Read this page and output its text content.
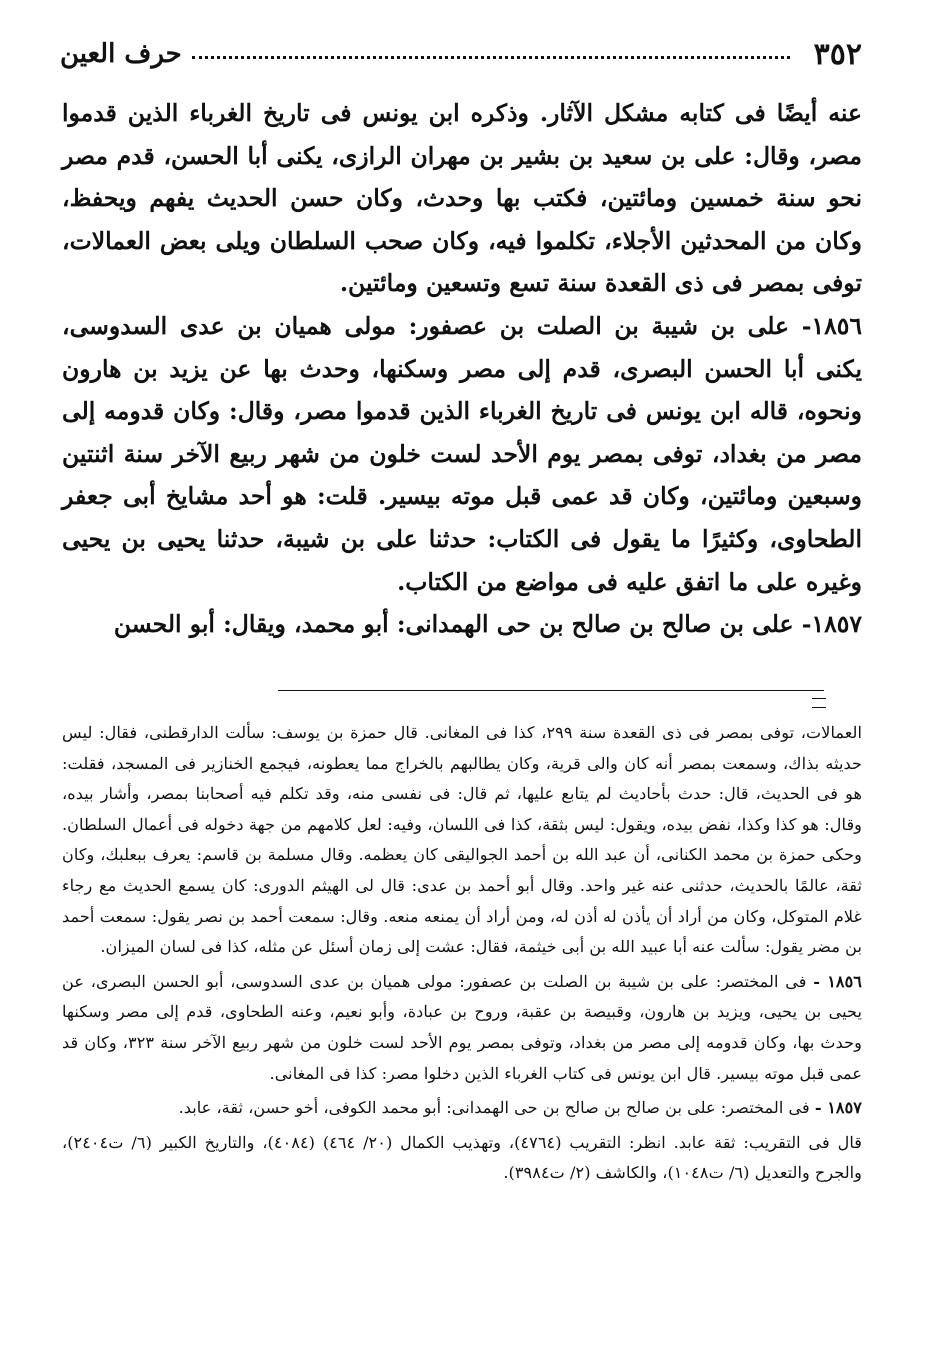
٣٥٢
حرف العين

عنه أيضًا فى كتابه مشكل الآثار. وذكره ابن يونس فى تاريخ الغرباء الذين قدموا مصر، وقال: على بن سعيد بن بشير بن مهران الرازى، يكنى أبا الحسن، قدم مصر نحو سنة خمسين ومائتين، فكتب بها وحدث، وكان حسن الحديث يفهم ويحفظ، وكان من المحدثين الأجلاء، تكلموا فيه، وكان صحب السلطان ويلى بعض العمالات، توفى بمصر فى ذى القعدة سنة تسع وتسعين ومائتين.

١٨٥٦- على بن شيبة بن الصلت بن عصفور: مولى هميان بن عدى السدوسى، يكنى أبا الحسن البصرى، قدم إلى مصر وسكنها، وحدث بها عن يزيد بن هارون ونحوه، قاله ابن يونس فى تاريخ الغرباء الذين قدموا مصر، وقال: وكان قدومه إلى مصر من بغداد، توفى بمصر يوم الأحد لست خلون من شهر ربيع الآخر سنة اثنتين وسبعين ومائتين، وكان قد عمى قبل موته بيسير. قلت: هو أحد مشايخ أبى جعفر الطحاوى، وكثيرًا ما يقول فى الكتاب: حدثنا على بن شيبة، حدثنا يحيى بن يحيى وغيره على ما اتفق عليه فى مواضع من الكتاب.

١٨٥٧- على بن صالح بن صالح بن حى الهمدانى: أبو محمد، ويقال: أبو الحسن

العمالات، توفى بمصر فى ذى القعدة سنة ٢٩٩، كذا فى المغانى. قال حمزة بن يوسف: سألت الدارقطنى، فقال: ليس حديثه بذاك، وسمعت بمصر أنه كان والى قرية، وكان يطالبهم بالخراج مما يعطونه، فيجمع الخنازير فى المسجد، فقلت: هو فى الحديث، قال: حدث بأحاديث لم يتابع عليها، ثم قال: فى نفسى منه، وقد تكلم فيه أصحابنا بمصر، وأشار بيده، وقال: هو كذا وكذا، نفض بيده، ويقول: ليس بثقة، كذا فى اللسان، وفيه: لعل كلامهم من جهة دخوله فى أعمال السلطان. وحكى حمزة بن محمد الكنانى، أن عبد الله بن أحمد الجواليقى كان يعظمه. وقال مسلمة بن قاسم: يعرف ببعلبك، وكان ثقة، عالمًا بالحديث، حدثنى عنه غير واحد. وقال أبو أحمد بن عدى: قال لى الهيثم الدورى: كان يسمع الحديث مع رجاء غلام المتوكل، وكان من أراد أن يأذن له أذن له، ومن أراد أن يمنعه منعه. وقال: سمعت أحمد بن نصر يقول: سمعت أحمد بن مضر يقول: سألت عنه أبا عبيد الله بن أبى خيثمة، فقال: عشت إلى زمان أسئل عن مثله، كذا فى لسان الميزان.

١٨٥٦ - فى المختصر: على بن شيبة بن الصلت بن عصفور: مولى هميان بن عدى السدوسى، أبو الحسن البصرى، عن يحيى بن يحيى، ويزيد بن هارون، وقبيصة بن عقبة، وروح بن عبادة، وأبو نعيم، وعنه الطحاوى، قدم إلى مصر وسكنها وحدث بها، وكان قدومه إلى مصر من بغداد، وتوفى بمصر يوم الأحد لست خلون من شهر ربيع الآخر سنة ٣٢٣، وكان قد عمى قبل موته بيسير. قال ابن يونس فى كتاب الغرباء الذين دخلوا مصر: كذا فى المغانى.

١٨٥٧ - فى المختصر: على بن صالح بن صالح بن حى الهمدانى: أبو محمد الكوفى، أخو حسن، ثقة، عابد.

قال فى التقريب: ثقة عابد. انظر: التقريب (٤٧٦٤)، وتهذيب الكمال (٢٠/ ٤٦٤) (٤٠٨٤)، والتاريخ الكبير (٦/ ت٢٤٠٤)، والجرح والتعديل (٦/ ت١٠٤٨)، والكاشف (٢/ ت٣٩٨٤).
